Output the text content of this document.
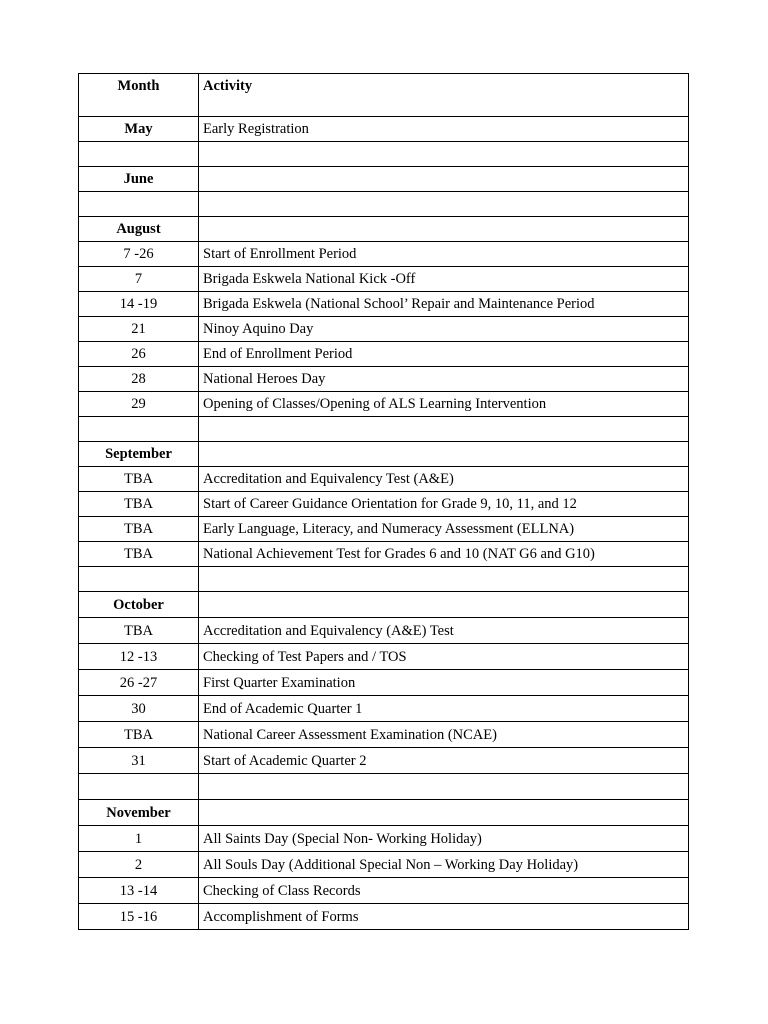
Month	Activity
May	Early Registration

June	

August	
7 -26	Start of Enrollment Period
7	Brigada Eskwela National Kick -Off
14 -19	Brigada Eskwela (National School’ Repair and Maintenance Period
21	Ninoy Aquino Day
26	End of Enrollment Period
28	National Heroes Day
29	Opening of Classes/Opening of ALS Learning Intervention

September	
TBA	Accreditation and Equivalency Test (A&E)
TBA	Start of Career Guidance Orientation for Grade 9, 10, 11, and 12
TBA	Early Language, Literacy, and Numeracy Assessment (ELLNA)
TBA	National Achievement Test for Grades 6 and 10 (NAT G6 and G10)

October	
TBA	Accreditation and Equivalency (A&E) Test
12 -13	Checking of Test Papers and / TOS
26 -27	First Quarter Examination
30	End of Academic Quarter 1
TBA	National Career Assessment Examination (NCAE)
31	Start of Academic Quarter 2

November	
1	All Saints Day (Special Non- Working Holiday)
2	All Souls Day (Additional Special Non – Working Day Holiday)
13 -14	Checking of Class Records
15 -16	Accomplishment of Forms
